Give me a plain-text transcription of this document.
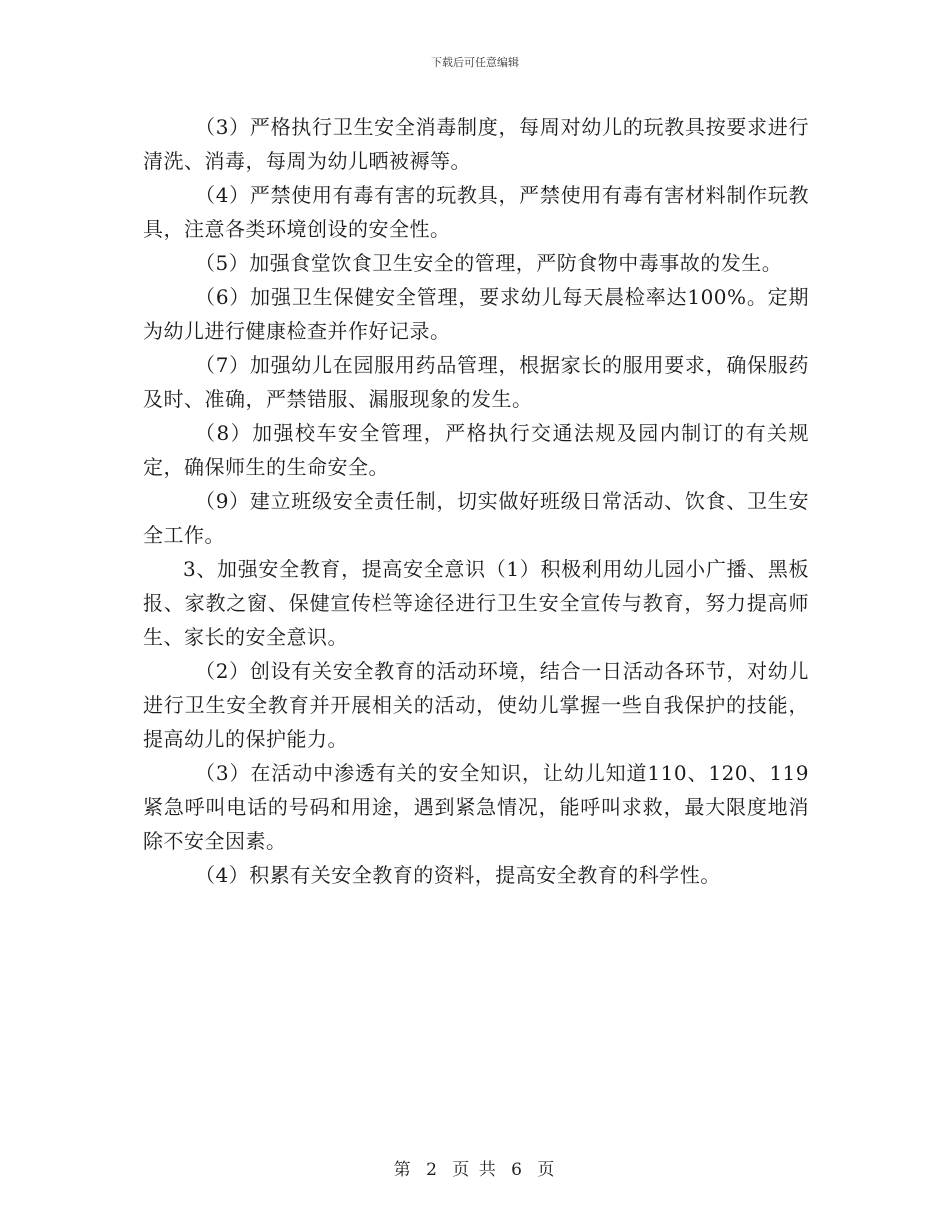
下载后可任意编辑

（3）严格执行卫生安全消毒制度，每周对幼儿的玩教具按要求进行清洗、消毒，每周为幼儿晒被褥等。

（4）严禁使用有毒有害的玩教具，严禁使用有毒有害材料制作玩教具，注意各类环境创设的安全性。

（5）加强食堂饮食卫生安全的管理，严防食物中毒事故的发生。

（6）加强卫生保健安全管理，要求幼儿每天晨检率达100%。定期为幼儿进行健康检查并作好记录。

（7）加强幼儿在园服用药品管理，根据家长的服用要求，确保服药及时、准确，严禁错服、漏服现象的发生。

（8）加强校车安全管理，严格执行交通法规及园内制订的有关规定，确保师生的生命安全。

（9）建立班级安全责任制，切实做好班级日常活动、饮食、卫生安全工作。

3、加强安全教育，提高安全意识（1）积极利用幼儿园小广播、黑板报、家教之窗、保健宣传栏等途径进行卫生安全宣传与教育，努力提高师生、家长的安全意识。

（2）创设有关安全教育的活动环境，结合一日活动各环节，对幼儿进行卫生安全教育并开展相关的活动，使幼儿掌握一些自我保护的技能，提高幼儿的保护能力。

（3）在活动中渗透有关的安全知识，让幼儿知道110、120、119紧急呼叫电话的号码和用途，遇到紧急情况，能呼叫求救，最大限度地消除不安全因素。

（4）积累有关安全教育的资料，提高安全教育的科学性。

第 2 页 共 6 页
